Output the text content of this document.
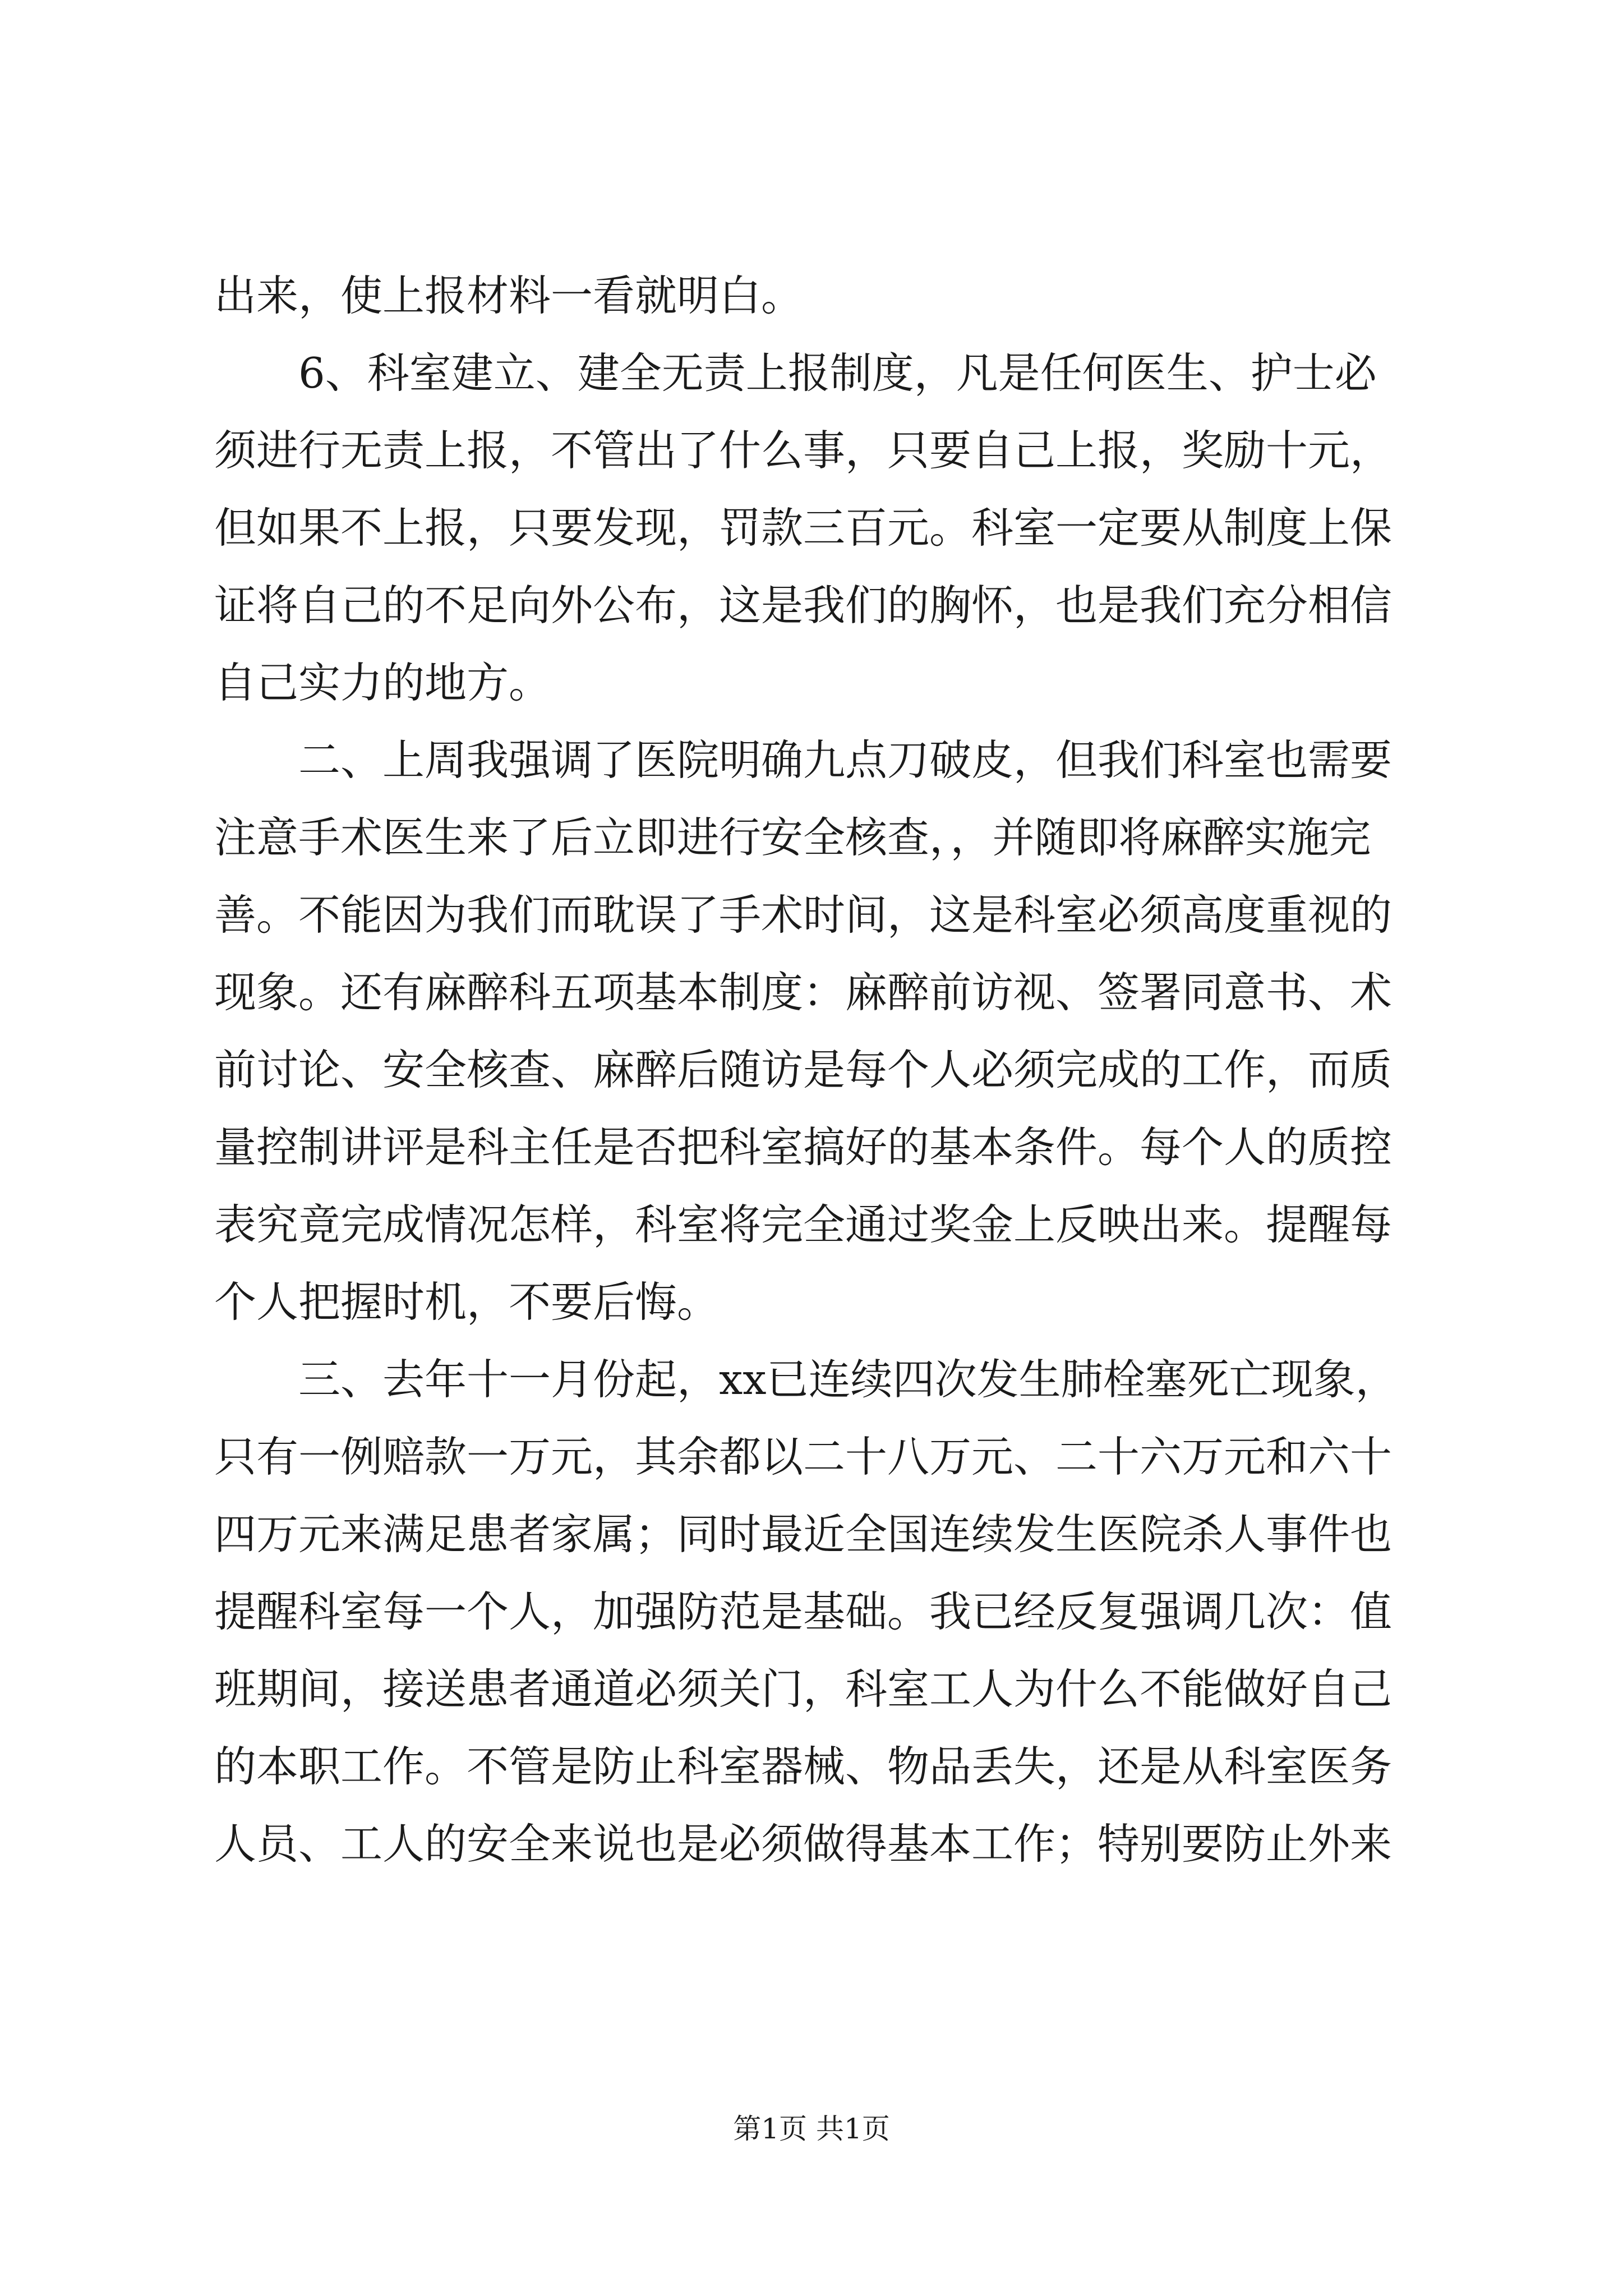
出来，使上报材料一看就明白。
6、科室建立、建全无责上报制度，凡是任何医生、护士必
须进行无责上报，不管出了什么事，只要自己上报，奖励十元，
但如果不上报，只要发现，罚款三百元。科室一定要从制度上保
证将自己的不足向外公布，这是我们的胸怀，也是我们充分相信
自己实力的地方。
二、上周我强调了医院明确九点刀破皮，但我们科室也需要
注意手术医生来了后立即进行安全核查，，并随即将麻醉实施完
善。不能因为我们而耽误了手术时间，这是科室必须高度重视的
现象。还有麻醉科五项基本制度：麻醉前访视、签署同意书、术
前讨论、安全核查、麻醉后随访是每个人必须完成的工作，而质
量控制讲评是科主任是否把科室搞好的基本条件。每个人的质控
表究竟完成情况怎样，科室将完全通过奖金上反映出来。提醒每
个人把握时机，不要后悔。
三、去年十一月份起，xx已连续四次发生肺栓塞死亡现象，
只有一例赔款一万元，其余都以二十八万元、二十六万元和六十
四万元来满足患者家属；同时最近全国连续发生医院杀人事件也
提醒科室每一个人，加强防范是基础。我已经反复强调几次：值
班期间，接送患者通道必须关门，科室工人为什么不能做好自己
的本职工作。不管是防止科室器械、物品丢失，还是从科室医务
人员、工人的安全来说也是必须做得基本工作；特别要防止外来
第1页 共1页
